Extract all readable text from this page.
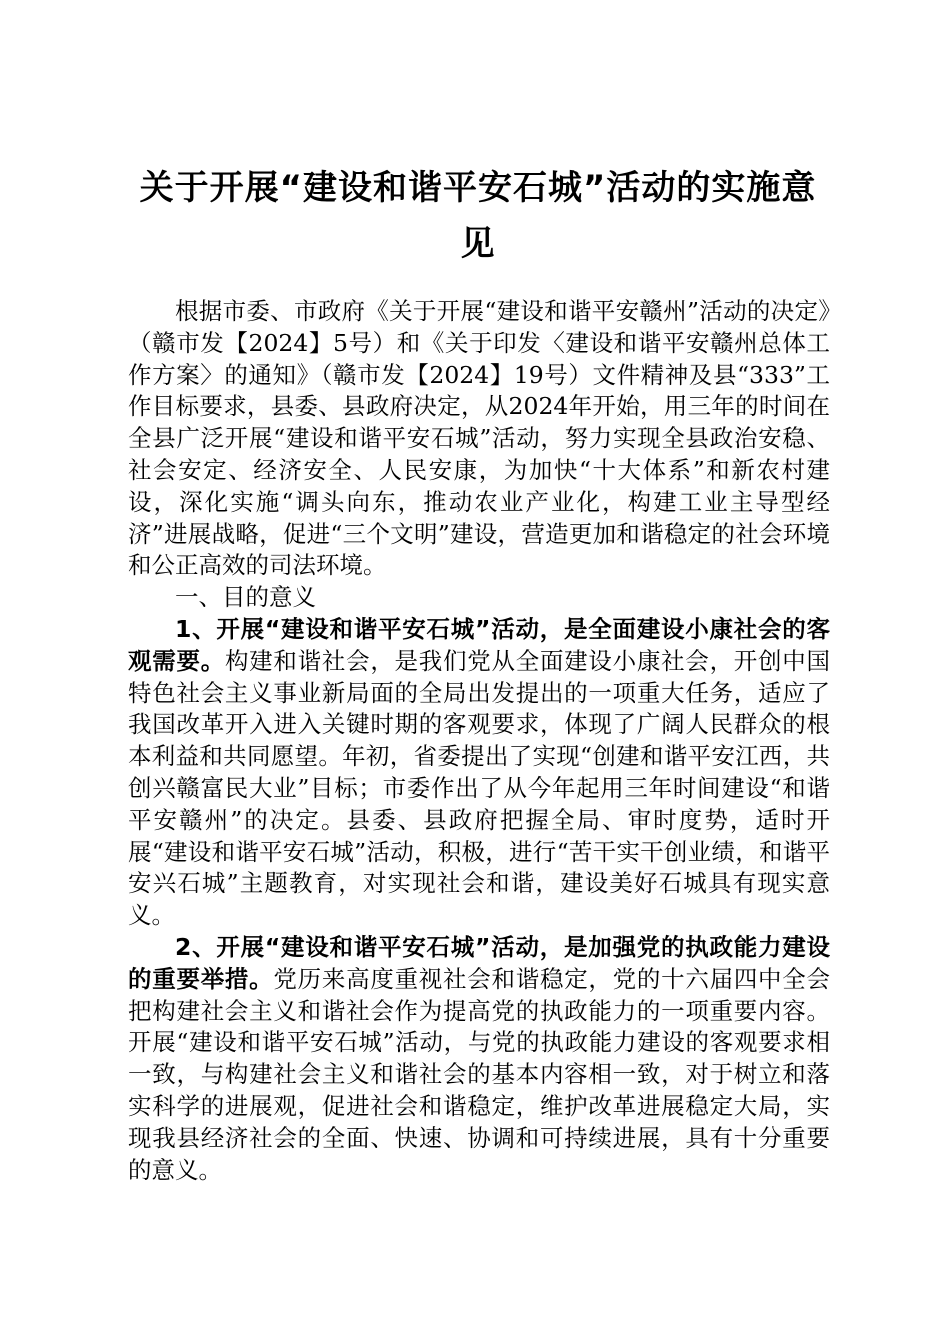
关于开展“建设和谐平安石城”活动的实施意见

根据市委、市政府《关于开展“建设和谐平安赣州”活动的决定》（赣市发【2024】5号）和《关于印发〈建设和谐平安赣州总体工作方案〉的通知》（赣市发【2024】19号）文件精神及县“333”工作目标要求，县委、县政府决定，从2024年开始，用三年的时间在全县广泛开展“建设和谐平安石城”活动，努力实现全县政治安稳、社会安定、经济安全、人民安康，为加快“十大体系”和新农村建设，深化实施“调头向东，推动农业产业化，构建工业主导型经济”进展战略，促进“三个文明”建设，营造更加和谐稳定的社会环境和公正高效的司法环境。

一、目的意义

1、开展“建设和谐平安石城”活动，是全面建设小康社会的客观需要。构建和谐社会，是我们党从全面建设小康社会，开创中国特色社会主义事业新局面的全局出发提出的一项重大任务，适应了我国改革开入进入关键时期的客观要求，体现了广阔人民群众的根本利益和共同愿望。年初，省委提出了实现“创建和谐平安江西，共创兴赣富民大业”目标；市委作出了从今年起用三年时间建设“和谐平安赣州”的决定。县委、县政府把握全局、审时度势，适时开展“建设和谐平安石城”活动，积极，进行“苦干实干创业绩，和谐平安兴石城”主题教育，对实现社会和谐，建设美好石城具有现实意义。

2、开展“建设和谐平安石城”活动，是加强党的执政能力建设的重要举措。党历来高度重视社会和谐稳定，党的十六届四中全会把构建社会主义和谐社会作为提高党的执政能力的一项重要内容。开展“建设和谐平安石城”活动，与党的执政能力建设的客观要求相一致，与构建社会主义和谐社会的基本内容相一致，对于树立和落实科学的进展观，促进社会和谐稳定，维护改革进展稳定大局，实现我县经济社会的全面、快速、协调和可持续进展，具有十分重要的意义。
